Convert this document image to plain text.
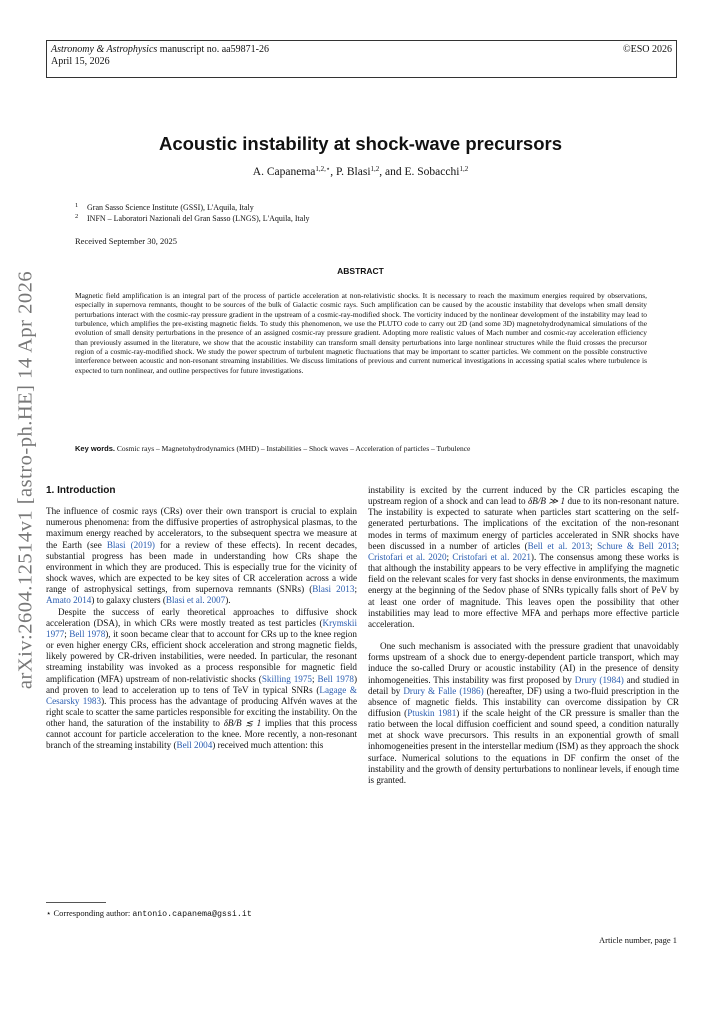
Astronomy & Astrophysics manuscript no. aa59871-26
April 15, 2026
©ESO 2026
arXiv:2604.12514v1 [astro-ph.HE] 14 Apr 2026
Acoustic instability at shock-wave precursors
A. Capanema$^{1,2,⋆}$, P. Blasi$^{1,2}$, and E. Sobacchi$^{1,2}$
1 Gran Sasso Science Institute (GSSI), L'Aquila, Italy
2 INFN – Laboratori Nazionali del Gran Sasso (LNGS), L'Aquila, Italy
Received September 30, 2025
ABSTRACT
Magnetic field amplification is an integral part of the process of particle acceleration at non-relativistic shocks. It is necessary to reach the maximum energies required by observations, especially in supernova remnants, thought to be sources of the bulk of Galactic cosmic rays. Such amplification can be caused by the acoustic instability that develops when small density perturbations interact with the cosmic-ray pressure gradient in the upstream of a cosmic-ray-modified shock. The vorticity induced by the nonlinear development of the instability may lead to turbulence, which amplifies the pre-existing magnetic fields. To study this phenomenon, we use the PLUTO code to carry out 2D (and some 3D) magnetohydrodynamical simulations of the evolution of small density perturbations in the presence of an assigned cosmic-ray pressure gradient. Adopting more realistic values of Mach number and cosmic-ray acceleration efficiency than previously assumed in the literature, we show that the acoustic instability can transform small density perturbations into large nonlinear structures while the fluid crosses the precursor region of a cosmic-ray-modified shock. We study the power spectrum of turbulent magnetic fluctuations that may be important to scatter particles. We comment on the possible constructive interference between acoustic and non-resonant streaming instabilities. We discuss limitations of previous and current numerical investigations in accessing spatial scales where turbulence is expected to turn nonlinear, and outline perspectives for future investigations.
Key words. Cosmic rays – Magnetohydrodynamics (MHD) – Instabilities – Shock waves – Acceleration of particles – Turbulence
1. Introduction

The influence of cosmic rays (CRs) over their own transport is crucial to explain numerous phenomena: from the diffusive properties of astrophysical plasmas, to the maximum energy reached by accelerators, to the subsequent spectra we measure at the Earth (see Blasi (2019) for a review of these effects). In recent decades, substantial progress has been made in understanding how CRs shape the environment in which they are produced. This is especially true for the vicinity of shock waves, which are expected to be key sites of CR acceleration across a wide range of astrophysical settings, from supernova remnants (SNRs) (Blasi 2013; Amato 2014) to galaxy clusters (Blasi et al. 2007).

Despite the success of early theoretical approaches to diffusive shock acceleration (DSA), in which CRs were mostly treated as test particles (Krymskii 1977; Bell 1978), it soon became clear that to account for CRs up to the knee region or even higher energy CRs, efficient shock acceleration and strong magnetic fields, likely powered by CR-driven instabilities, were needed. In particular, the resonant streaming instability was invoked as a process responsible for magnetic field amplification (MFA) upstream of non-relativistic shocks (Skilling 1975; Bell 1978) and proven to lead to acceleration up to tens of TeV in typical SNRs (Lagage & Cesarsky 1983). This process has the advantage of producing Alfvén waves at the right scale to scatter the same particles responsible for exciting the instability. On the other hand, the saturation of the instability to δB/B ≲ 1 implies that this process cannot account for particle acceleration to the knee. More recently, a non-resonant branch of the streaming instability (Bell 2004) received much attention: this

instability is excited by the current induced by the CR particles escaping the upstream region of a shock and can lead to δB/B ≫ 1 due to its non-resonant nature. The instability is expected to saturate when particles start scattering on the self-generated perturbations. The implications of the excitation of the non-resonant modes in terms of maximum energy of particles accelerated in SNR shocks have been discussed in a number of articles (Bell et al. 2013; Schure & Bell 2013; Cristofari et al. 2020; Cristofari et al. 2021). The consensus among these works is that although the instability appears to be very effective in amplifying the magnetic field on the relevant scales for very fast shocks in dense environments, the maximum energy at the beginning of the Sedov phase of SNRs typically falls short of PeV by at least one order of magnitude. This leaves open the possibility that other instabilities may lead to more effective MFA and perhaps more effective particle acceleration.

One such mechanism is associated with the pressure gradient that unavoidably forms upstream of a shock due to energy-dependent particle transport, which may induce the so-called Drury or acoustic instability (AI) in the presence of density inhomogeneities. This instability was first proposed by Drury (1984) and studied in detail by Drury & Falle (1986) (hereafter, DF) using a two-fluid prescription in the absence of magnetic fields. This instability can overcome dissipation by CR diffusion (Ptuskin 1981) if the scale height of the CR pressure is smaller than the ratio between the local diffusion coefficient and sound speed, a condition naturally met at shock wave precursors. This results in an exponential growth of small inhomogeneities present in the interstellar medium (ISM) as they approach the shock surface. Numerical solutions to the equations in DF confirm the onset of the instability and the growth of density perturbations to nonlinear levels, if enough time is granted.

⋆ Corresponding author: antonio.capanema@gssi.it
Article number, page 1
